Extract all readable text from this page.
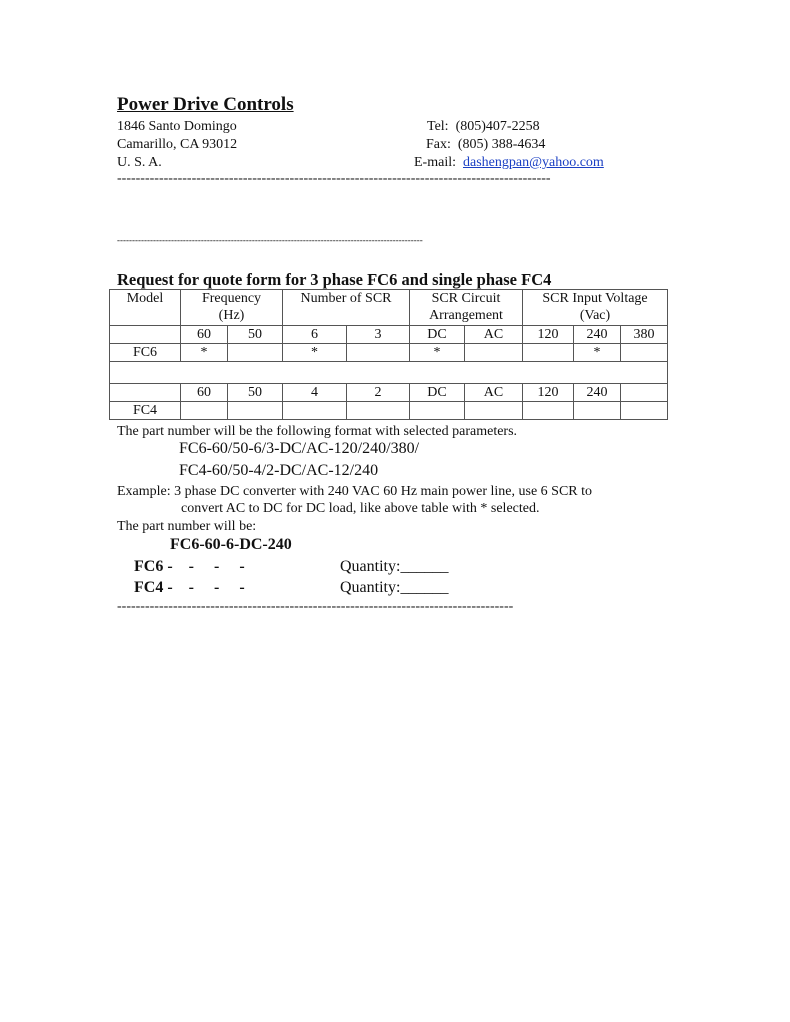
Power Drive Controls
1846 Santo Domingo
Camarillo, CA 93012
U. S. A.
Tel: (805)407-2258
Fax: (805) 388-4634
E-mail: dashengpan@yahoo.com
---------------------------------------------------------------------------------------------
------------------------------------------------------------------------------------------------------
Request for quote form for 3 phase FC6 and single phase FC4
Model	Frequency (Hz)		Number of SCR		SCR Circuit Arrangement		SCR Input Voltage (Vac)		
	60	50	6	3	DC	AC	120	240	380
FC6	*		*		*			*	

	60	50	4	2	DC	AC	120	240	
FC4									
The part number will be the following format with selected parameters.
FC6-60/50-6/3-DC/AC-120/240/380/
FC4-60/50-4/2-DC/AC-12/240
Example: 3 phase DC converter with 240 VAC 60 Hz main power line, use 6 SCR to
convert AC to DC for DC load, like above table with * selected.
The part number will be:
FC6-60-6-DC-240
FC6 -    -     -     -	Quantity:______
FC4 -    -     -     -	Quantity:______
-------------------------------------------------------------------------------------
